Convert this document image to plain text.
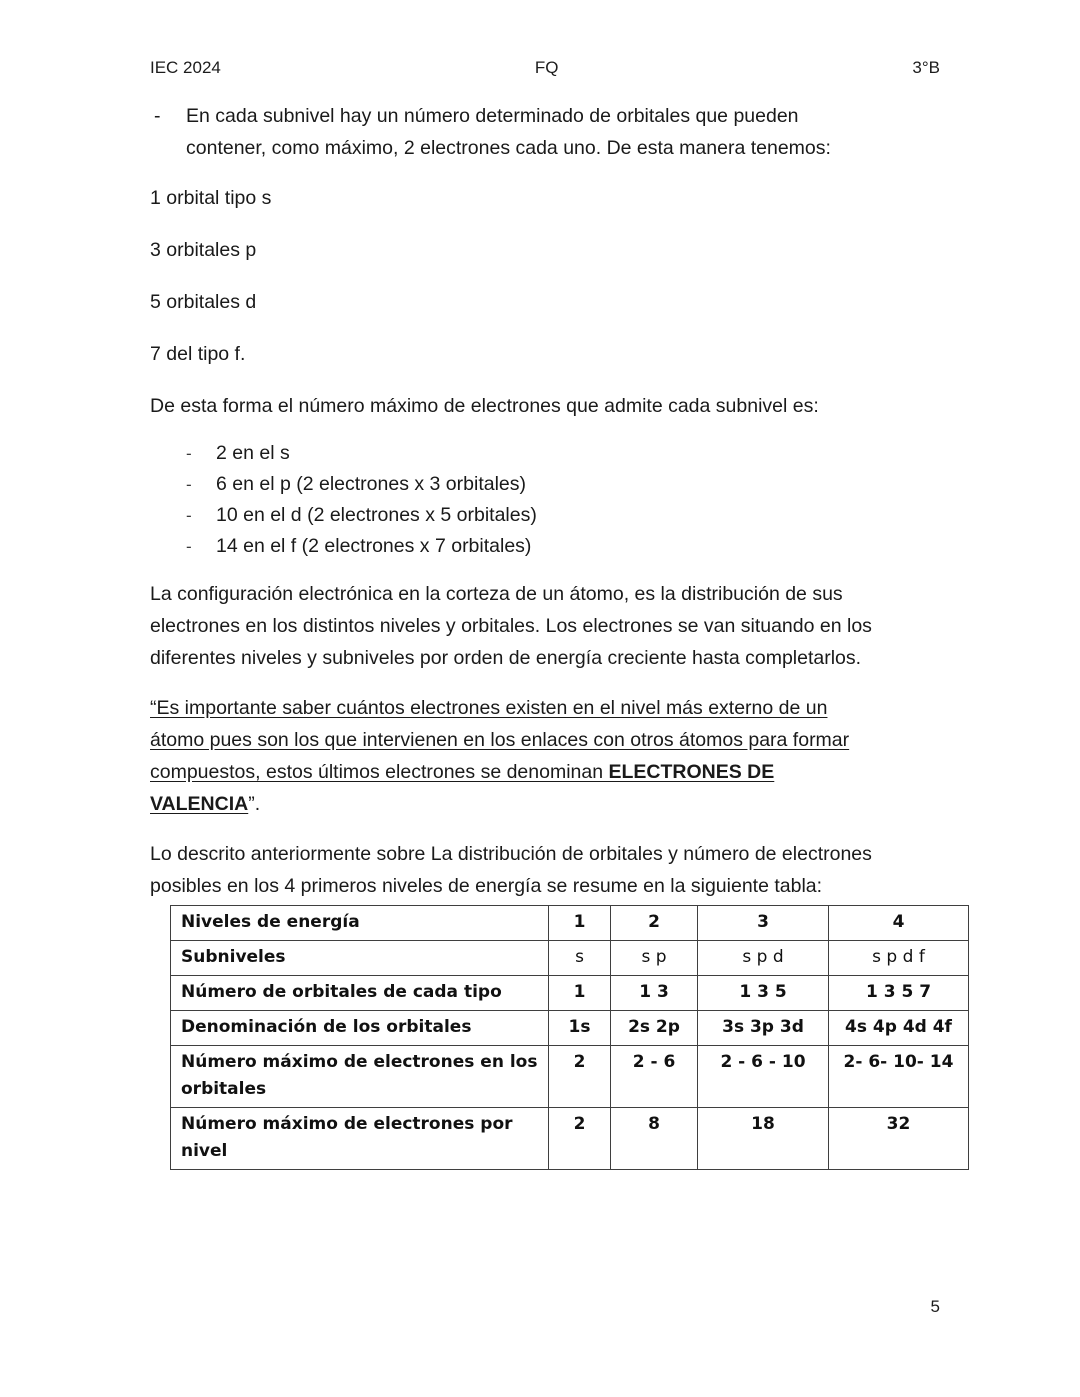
IEC 2024	FQ	3°B
- En cada subnivel hay un número determinado de orbitales que pueden
contener, como máximo, 2 electrones cada uno. De esta manera tenemos:

1 orbital tipo s

3 orbitales p

5 orbitales d

7 del tipo f.

De esta forma el número máximo de electrones que admite cada subnivel es:

- 2 en el s
- 6 en el p (2 electrones x 3 orbitales)
- 10 en el d (2 electrones x 5 orbitales)
- 14 en el f (2 electrones x 7 orbitales)

La configuración electrónica en la corteza de un átomo, es la distribución de sus
electrones en los distintos niveles y orbitales. Los electrones se van situando en los
diferentes niveles y subniveles por orden de energía creciente hasta completarlos.

“Es importante saber cuántos electrones existen en el nivel más externo de un
átomo pues son los que intervienen en los enlaces con otros átomos para formar
compuestos, estos últimos electrones se denominan ELECTRONES DE
VALENCIA”.

Lo descrito anteriormente sobre La distribución de orbitales y número de electrones
posibles en los 4 primeros niveles de energía se resume en la siguiente tabla:

Niveles de energía	1	2	3	4
Subniveles	s	s p	s p d	s p d f
Número de orbitales de cada tipo	1	1 3	1 3 5	1 3 5 7
Denominación de los orbitales	1s	2s 2p	3s 3p 3d	4s 4p 4d 4f
Número máximo de electrones en los orbitales	2	2 - 6	2 - 6 - 10	2- 6- 10- 14
Número máximo de electrones por nivel	2	8	18	32
5
